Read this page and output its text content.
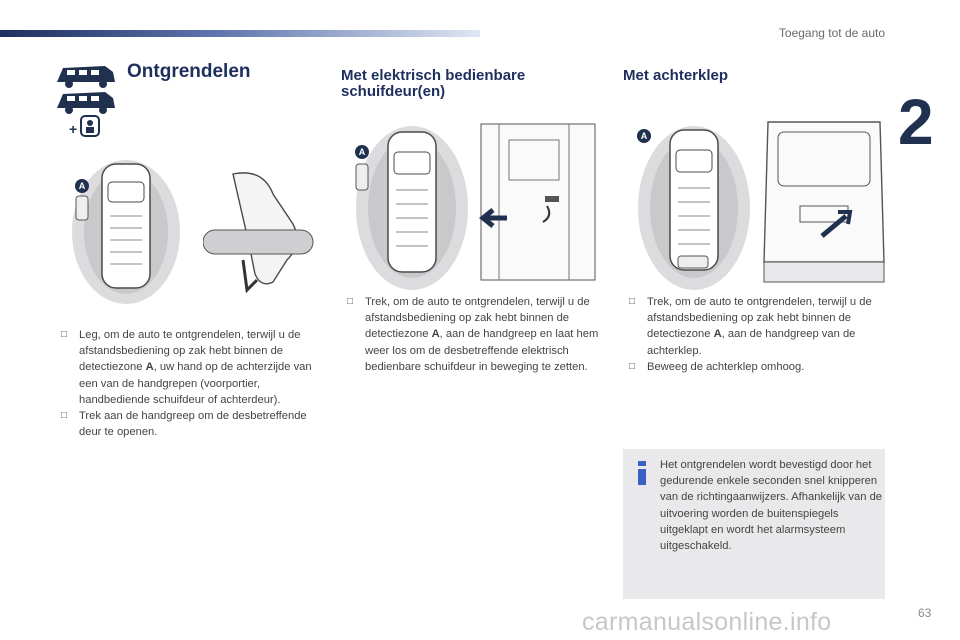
Toegang tot de auto
2
+
Ontgrendelen
A
□ Leg, om de auto te ontgrendelen, terwijl u de afstandsbediening op zak hebt binnen de detectiezone A, uw hand op de achterzijde van een van de handgrepen (voorportier, handbediende schuifdeur of achterdeur).
□ Trek aan de handgreep om de desbetreffende deur te openen.
Met elektrisch bedienbare
schuifdeur(en)
A
□ Trek, om de auto te ontgrendelen, terwijl u de afstandsbediening op zak hebt binnen de detectiezone A, aan de handgreep en laat hem weer los om de desbetreffende elektrisch bedienbare schuifdeur in beweging te zetten.
Met achterklep
A
□ Trek, om de auto te ontgrendelen, terwijl u de afstandsbediening op zak hebt binnen de detectiezone A, aan de handgreep van de achterklep.
□ Beweeg de achterklep omhoog.
Het ontgrendelen wordt bevestigd door het gedurende enkele seconden snel knipperen van de richtingaanwijzers. Afhankelijk van de uitvoering worden de buitenspiegels uitgeklapt en wordt het alarmsysteem uitgeschakeld.
63
carmanualsonline.info
